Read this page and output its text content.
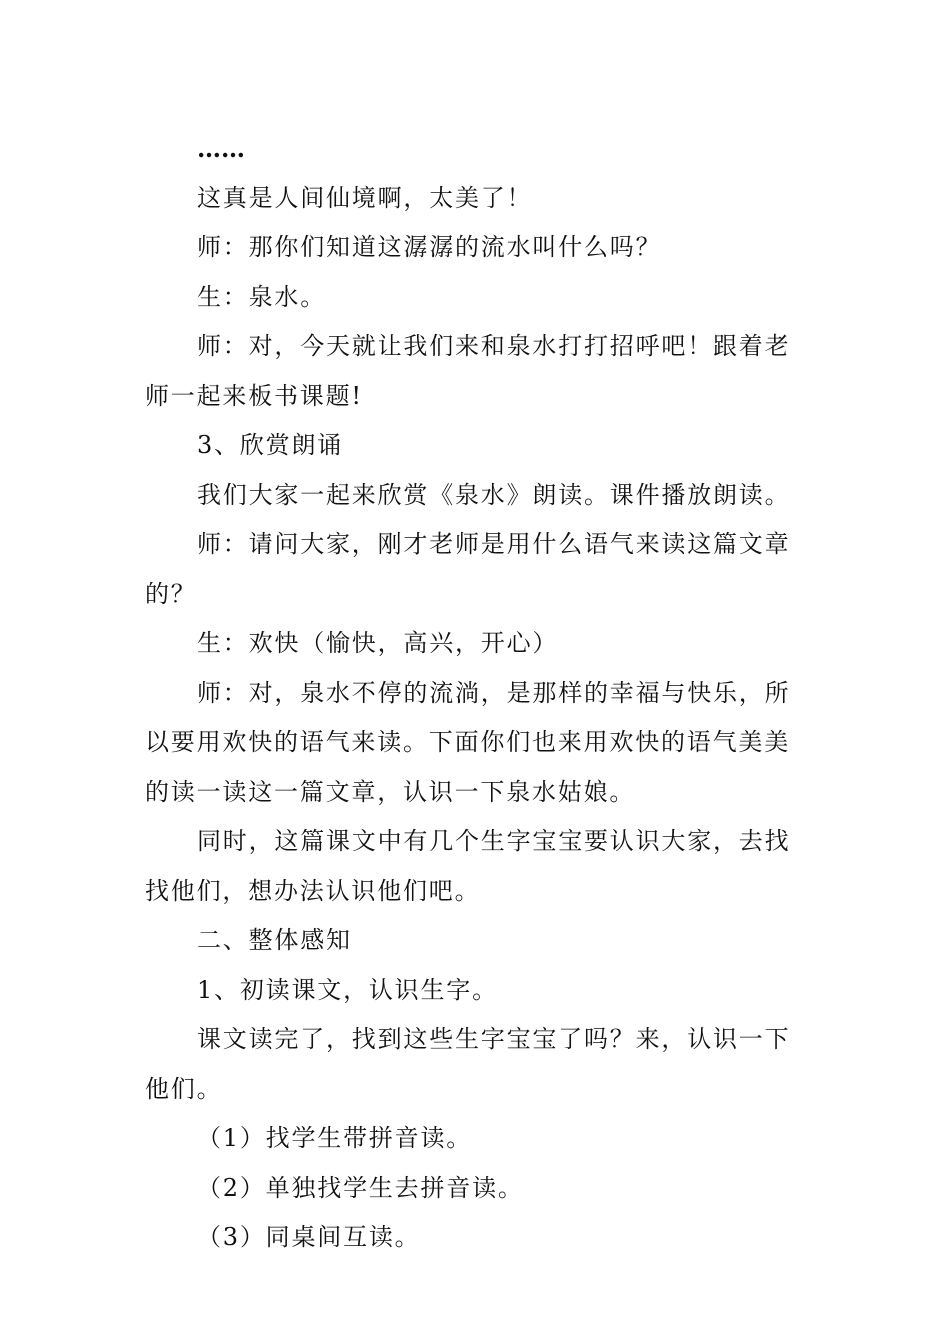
……

这真是人间仙境啊，太美了！

师：那你们知道这潺潺的流水叫什么吗？

生：泉水。

师：对，今天就让我们来和泉水打打招呼吧！跟着老师一起来板书课题!

3、欣赏朗诵

我们大家一起来欣赏《泉水》朗读。课件播放朗读。

师：请问大家，刚才老师是用什么语气来读这篇文章的？

生：欢快（愉快，高兴，开心）

师：对，泉水不停的流淌，是那样的幸福与快乐，所以要用欢快的语气来读。下面你们也来用欢快的语气美美的读一读这一篇文章，认识一下泉水姑娘。

同时，这篇课文中有几个生字宝宝要认识大家，去找找他们，想办法认识他们吧。

二、整体感知

1、初读课文，认识生字。

课文读完了，找到这些生字宝宝了吗？来，认识一下他们。

（1）找学生带拼音读。

（2）单独找学生去拼音读。

（3）同桌间互读。
